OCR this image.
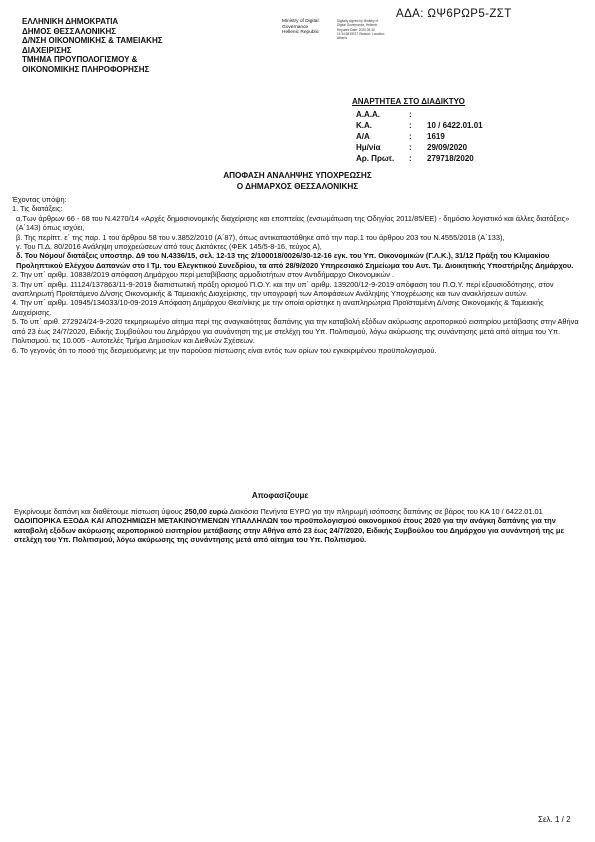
ΑΔΑ: ΩΨ6ΡΩΡ5-ΖΣΤ
ΕΛΛΗΝΙΚΗ ΔΗΜΟΚΡΑΤΙΑ
ΔΗΜΟΣ ΘΕΣΣΑΛΟΝΙΚΗΣ
Δ/ΝΣΗ ΟΙΚΟΝΟΜΙΚΗΣ & ΤΑΜΕΙΑΚΗΣ
ΔΙΑΧΕΙΡΙΣΗΣ
ΤΜΗΜΑ ΠΡΟΥΠΟΛΟΓΙΣΜΟΥ &
ΟΙΚΟΝΟΜΙΚΗΣ ΠΛΗΡΟΦΟΡΗΣΗΣ
Ministry of Digital
Governance
Hellenic Republic
Digitally signed by Ministry of Digital Governance, Hellenic Republic Date: 2020.09.30 11:34:38 EEST Reason: Location: Athens
ΑΝΑΡΤΗΤΕΑ ΣΤΟ ΔΙΑΔΙΚΤΥΟ
Α.Α.Α.	:	
Κ.Α.	:	10 / 6422.01.01
Α/Α	:	1619
Ημ/νία	:	29/09/2020
Αρ. Πρωτ.	:	279718/2020
ΑΠΟΦΑΣΗ ΑΝΑΛΗΨΗΣ ΥΠΟΧΡΕΩΣΗΣ
Ο ΔΗΜΑΡΧΟΣ ΘΕΣΣΑΛΟΝΙΚΗΣ

Έχοντας υπόψη:

1. Τις διατάξεις:

α.Των άρθρων 66 - 68 του Ν.4270/14 «Αρχές δημοσιονομικής διαχείρισης και εποπτείας (ενσωμάτωση της Οδηγίας 2011/85/ΕΕ) - δημόσιο λογιστικό και άλλες διατάξεις» (Α΄143) όπως ισχύει,

β. Της περίπτ. ε΄ της παρ. 1 του άρθρου 58 του ν.3852/2010 (Α΄87), όπως αντικαταστάθηκε από την παρ.1 του άρθρου 203 του Ν.4555/2018 (Α΄133),

γ. Του Π.Δ. 80/2016 Ανάληψη υποχρεώσεων από τους Διατάκτες (ΦΕΚ 145/5-8-16, τεύχος Α),

δ. Του Νόμου/ διατάξεις υποστηρ. Δ9 του Ν.4336/15, σελ. 12-13 της 2/100018/0026/30-12-16 εγκ. του Υπ. Οικονομικών (Γ.Λ.Κ.), 31/12 Πράξη του Κλιμακίου Προληπτικού Ελέγχου Δαπανών στο Ι Τμ. του Ελεγκτικού Συνεδρίου, τα από 28/9/2020 Υπηρεσιακό Σημείωμα του Αυτ. Τμ. Διοικητικής Υποστήριξης Δημάρχου.

2. Την υπ΄ αριθμ. 10838/2019 απόφαση Δημάρχου περί μεταβίβασης αρμοδιοτήτων στον Αντιδήμαρχο Οικονομικών .

3. Την υπ΄ αριθμ. 11124/137863/11-9-2019 διαπιστωτική πράξη ορισμού Π.Ο.Υ. και την υπ΄ αριθμ. 139200/12-9-2019 απόφαση του Π.Ο.Υ. περί εξουσιοδότησης, στον αναπληρωτή Προϊστάμενο Δ/νσης Οικονομικής & Ταμειακής Διαχείρισης, την υπογραφή των Αποφάσεων Ανάληψης Υποχρέωσης και των ανακλήσεων αυτών.

4. Την υπ΄ αριθμ. 10945/134033/10-09-2019 Απόφαση Δημάρχου Θεσ/νίκης με την οποία ορίστηκε η αναπληρώτρια Προϊσταμένη Δ/νσης Οικονομικής & Ταμειακής Διαχείρισης.

5. Το υπ΄ αριθ. 272924/24-9-2020 τεκμηριωμένο αίτημα περί της αναγκαιότητας δαπάνης για την καταβολή εξόδων ακύρωσης αεροπορικού εισιτηρίου μετάβασης στην Αθήνα από 23 έως 24/7/2020, Ειδικής Συμβούλου του Δημάρχου για συνάντηση της με στελέχη του Υπ. Πολιτισμού, λόγω ακύρωσης της συνάντησης μετά από αίτημα του Υπ. Πολιτισμού. τις 10.005 - Αυτοτελές Τμήμα Δημοσίων και Διεθνών Σχέσεων.

6. Το γεγονός ότι το ποσό της δεσμευόμενης με την παρούσα πίστωσης είναι εντός των ορίων του εγκεκριμένου προϋπολογισμού.

Αποφασίζουμε
Εγκρίνουμε δαπάνη και διαθέτουμε πίστωση ύψους 250,00 ευρώ Διακόσια Πενήντα ΕΥΡΩ για την πληρωμή ισόποσης δαπάνης σε βάρος του ΚΑ 10 / 6422.01.01 ΟΔΟΙΠΟΡΙΚΑ ΕΞΟΔΑ ΚΑΙ ΑΠΟΖΗΜΙΩΣΗ ΜΕΤΑΚΙΝΟΥΜΕΝΩΝ ΥΠΑΛΛΗΛΩΝ του προϋπολογισμού οικονομικού έτους 2020 για την ανάγκη δαπάνης για την καταβολή εξόδων ακύρωσης αεροπορικού εισιτηρίου μετάβασης στην Αθήνα από 23 έως 24/7/2020, Ειδικής Συμβούλου του Δημάρχου για συνάντησή της με στελέχη του Υπ. Πολιτισμού, λόγω ακύρωσης της συνάντησης μετά από αίτημα του Υπ. Πολιτισμού.
Σελ. 1 / 2
